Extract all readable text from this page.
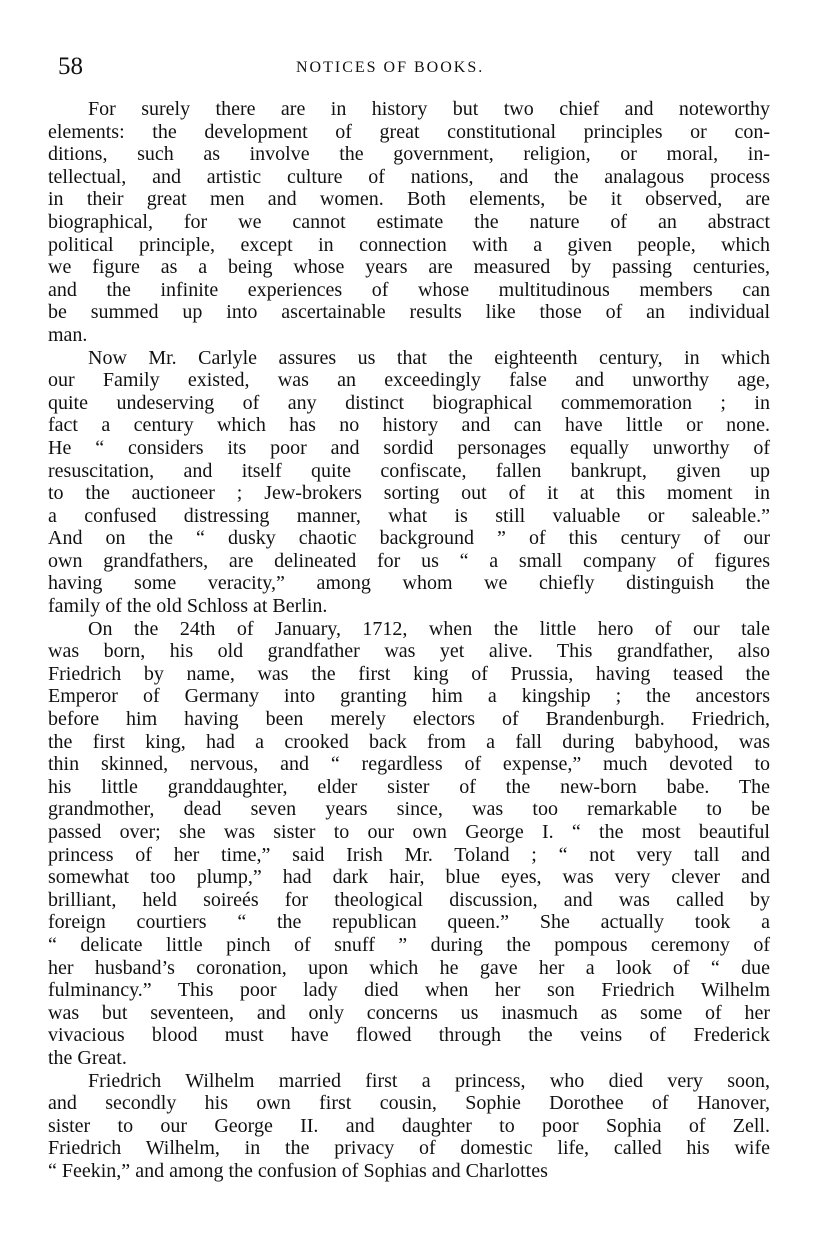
58	NOTICES OF BOOKS.
For surely there are in history but two chief and noteworthy
elements: the development of great constitutional principles or con-
ditions, such as involve the government, religion, or moral, in-
tellectual, and artistic culture of nations, and the analagous process
in their great men and women. Both elements, be it observed, are
biographical, for we cannot estimate the nature of an abstract
political principle, except in connection with a given people, which
we figure as a being whose years are measured by passing centuries,
and the infinite experiences of whose multitudinous members can
be summed up into ascertainable results like those of an individual
man.
Now Mr. Carlyle assures us that the eighteenth century, in which
our Family existed, was an exceedingly false and unworthy age,
quite undeserving of any distinct biographical commemoration ; in
fact a century which has no history and can have little or none.
He “ considers its poor and sordid personages equally unworthy of
resuscitation, and itself quite confiscate, fallen bankrupt, given up
to the auctioneer ; Jew-brokers sorting out of it at this moment in
a confused distressing manner, what is still valuable or saleable.”
And on the “ dusky chaotic background ” of this century of our
own grandfathers, are delineated for us “ a small company of figures
having some veracity,” among whom we chiefly distinguish the
family of the old Schloss at Berlin.
On the 24th of January, 1712, when the little hero of our tale
was born, his old grandfather was yet alive. This grandfather, also
Friedrich by name, was the first king of Prussia, having teased the
Emperor of Germany into granting him a kingship ; the ancestors
before him having been merely electors of Brandenburgh. Friedrich,
the first king, had a crooked back from a fall during babyhood, was
thin skinned, nervous, and “ regardless of expense,” much devoted to
his little granddaughter, elder sister of the new-born babe. The
grandmother, dead seven years since, was too remarkable to be
passed over; she was sister to our own George I. “ the most beautiful
princess of her time,” said Irish Mr. Toland ; “ not very tall and
somewhat too plump,” had dark hair, blue eyes, was very clever and
brilliant, held soireés for theological discussion, and was called by
foreign courtiers “ the republican queen.” She actually took a
“ delicate little pinch of snuff ” during the pompous ceremony of
her husband’s coronation, upon which he gave her a look of “ due
fulminancy.” This poor lady died when her son Friedrich Wilhelm
was but seventeen, and only concerns us inasmuch as some of her
vivacious blood must have flowed through the veins of Frederick
the Great.
Friedrich Wilhelm married first a princess, who died very soon,
and secondly his own first cousin, Sophie Dorothee of Hanover,
sister to our George II. and daughter to poor Sophia of Zell.
Friedrich Wilhelm, in the privacy of domestic life, called his wife
“ Feekin,” and among the confusion of Sophias and Charlottes
